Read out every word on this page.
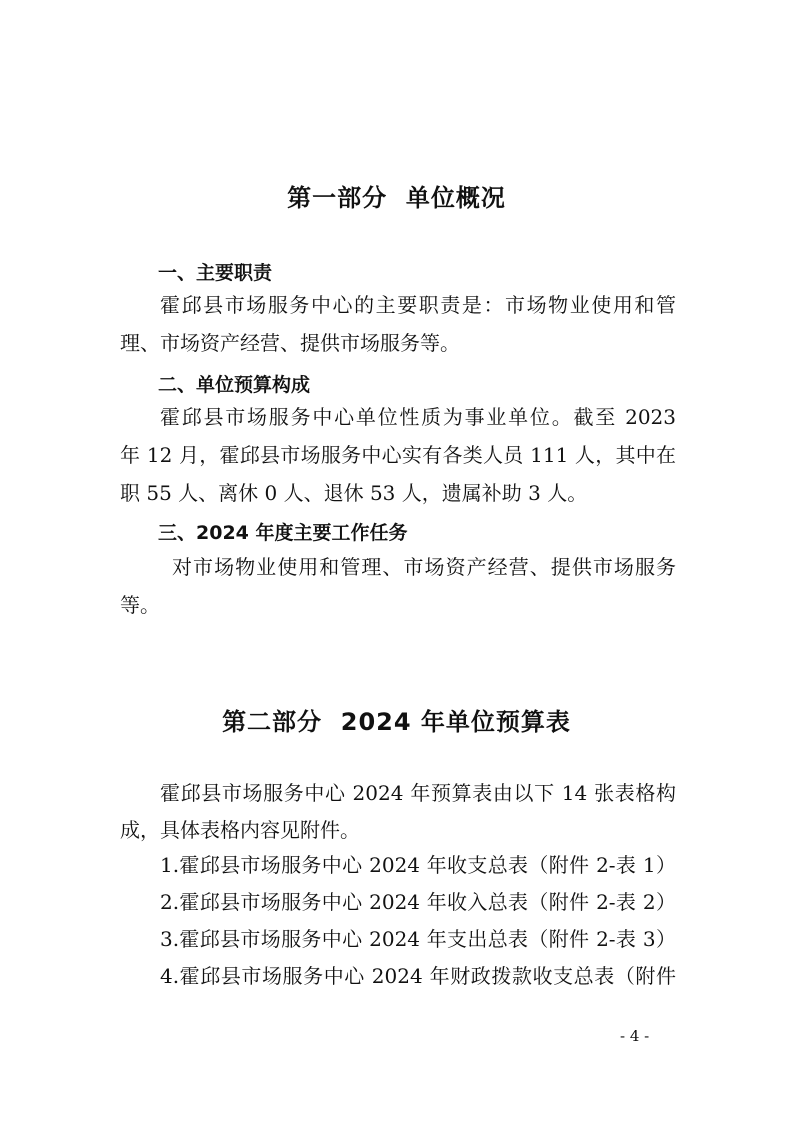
第一部分  单位概况
一、主要职责
霍邱县市场服务中心的主要职责是：市场物业使用和管
理、市场资产经营、提供市场服务等。
二、单位预算构成
霍邱县市场服务中心单位性质为事业单位。截至 2023
年 12 月，霍邱县市场服务中心实有各类人员 111 人，其中在
职 55 人、离休 0 人、退休 53 人，遗属补助 3 人。
三、2024 年度主要工作任务
对市场物业使用和管理、市场资产经营、提供市场服务
等。
第二部分  2024 年单位预算表
霍邱县市场服务中心 2024 年预算表由以下 14 张表格构
成，具体表格内容见附件。
1.霍邱县市场服务中心 2024 年收支总表（附件 2-表 1）
2.霍邱县市场服务中心 2024 年收入总表（附件 2-表 2）
3.霍邱县市场服务中心 2024 年支出总表（附件 2-表 3）
4.霍邱县市场服务中心 2024 年财政拨款收支总表（附件
- 4 -
